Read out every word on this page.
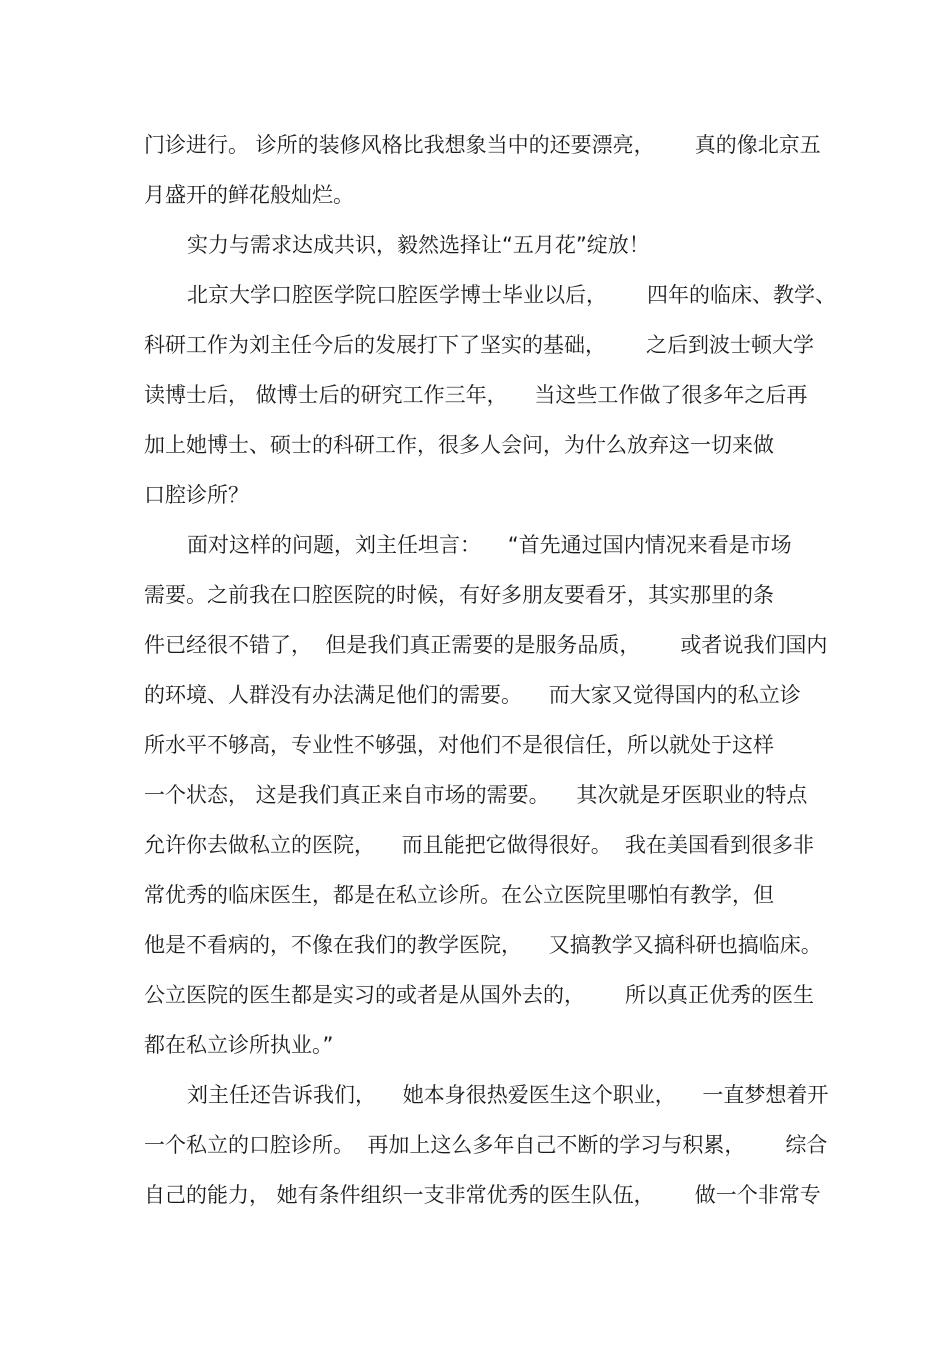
门诊进行。 诊所的装修风格比我想象当中的还要漂亮，      真的像北京五

月盛开的鲜花般灿烂。

实力与需求达成共识，毅然选择让“五月花”绽放！

北京大学口腔医学院口腔医学博士毕业以后，      四年的临床、教学、

科研工作为刘主任今后的发展打下了坚实的基础，      之后到波士顿大学

读博士后， 做博士后的研究工作三年，    当这些工作做了很多年之后再

加上她博士、硕士的科研工作，很多人会问，为什么放弃这一切来做

口腔诊所？

面对这样的问题，刘主任坦言：    “首先通过国内情况来看是市场

需要。之前我在口腔医院的时候，有好多朋友要看牙，其实那里的条

件已经很不错了，  但是我们真正需要的是服务品质，      或者说我们国内

的环境、人群没有办法满足他们的需要。    而大家又觉得国内的私立诊

所水平不够高，专业性不够强，对他们不是很信任，所以就处于这样

一个状态， 这是我们真正来自市场的需要。    其次就是牙医职业的特点

允许你去做私立的医院，    而且能把它做得很好。  我在美国看到很多非

常优秀的临床医生，都是在私立诊所。在公立医院里哪怕有教学，但

他是不看病的，不像在我们的教学医院，    又搞教学又搞科研也搞临床。

公立医院的医生都是实习的或者是从国外去的，      所以真正优秀的医生

都在私立诊所执业。”

刘主任还告诉我们，    她本身很热爱医生这个职业，    一直梦想着开

一个私立的口腔诊所。  再加上这么多年自己不断的学习与积累，      综合

自己的能力， 她有条件组织一支非常优秀的医生队伍，      做一个非常专
